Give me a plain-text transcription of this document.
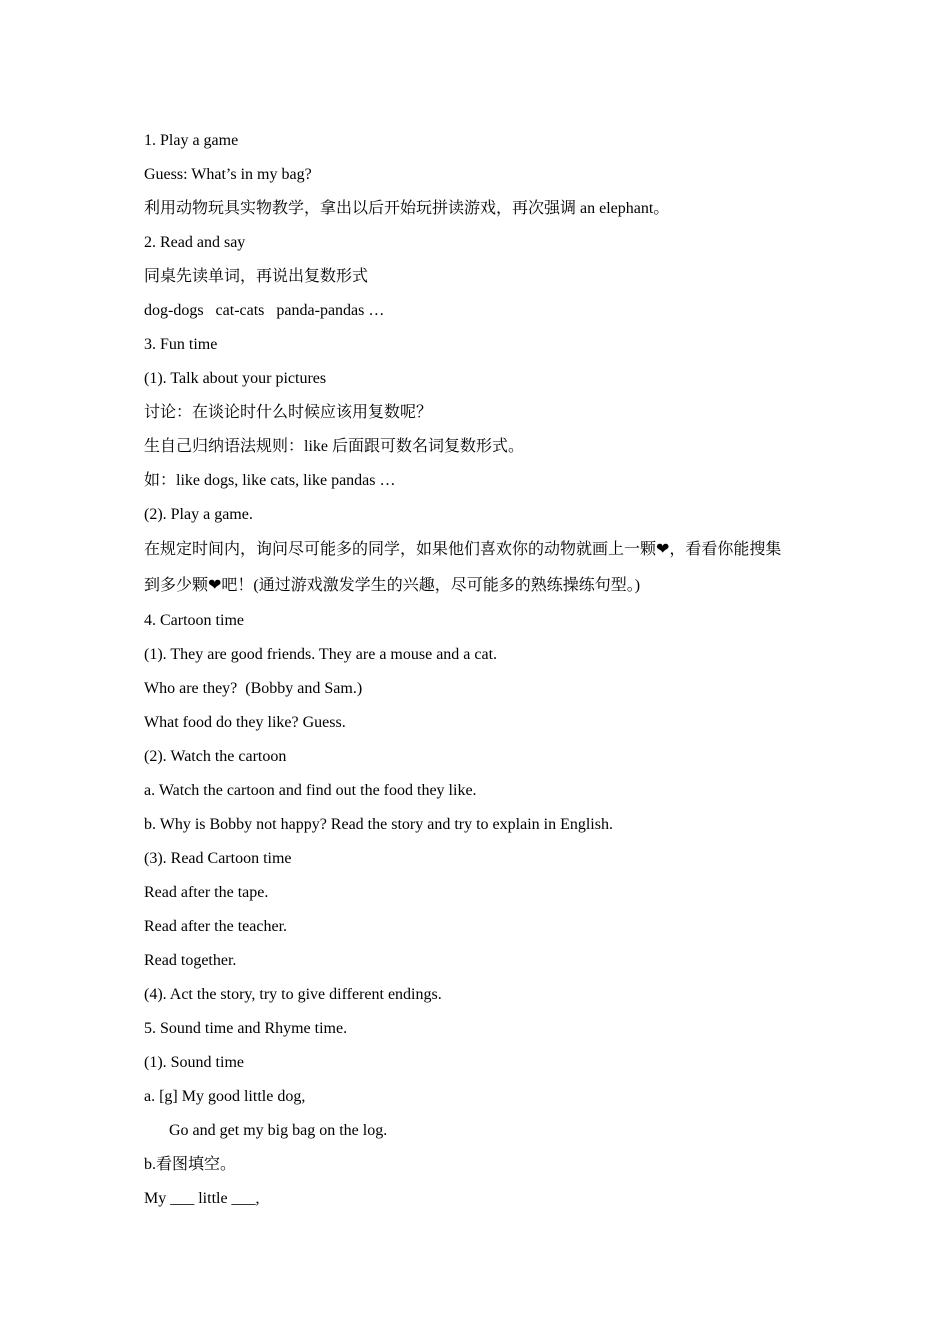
1. Play a game
Guess: What’s in my bag?
利用动物玩具实物教学，拿出以后开始玩拼读游戏，再次强调 an elephant。
2. Read and say
同桌先读单词，再说出复数形式
dog-dogs   cat-cats   panda-pandas …
3. Fun time
(1). Talk about your pictures
讨论：在谈论时什么时候应该用复数呢？
生自己归纳语法规则：like 后面跟可数名词复数形式。
如：like dogs, like cats, like pandas …
(2). Play a game.
在规定时间内，询问尽可能多的同学，如果他们喜欢你的动物就画上一颗❤，看看你能搜集
到多少颗❤吧！(通过游戏激发学生的兴趣，尽可能多的熟练操练句型。)
4. Cartoon time
(1). They are good friends. They are a mouse and a cat.
Who are they?  (Bobby and Sam.)
What food do they like? Guess.
(2). Watch the cartoon
a. Watch the cartoon and find out the food they like.
b. Why is Bobby not happy? Read the story and try to explain in English.
(3). Read Cartoon time
Read after the tape.
Read after the teacher.
Read together.
(4). Act the story, try to give different endings.
5. Sound time and Rhyme time.
(1). Sound time
a. [g] My good little dog,
Go and get my big bag on the log.
b.看图填空。
My ___ little ___,
